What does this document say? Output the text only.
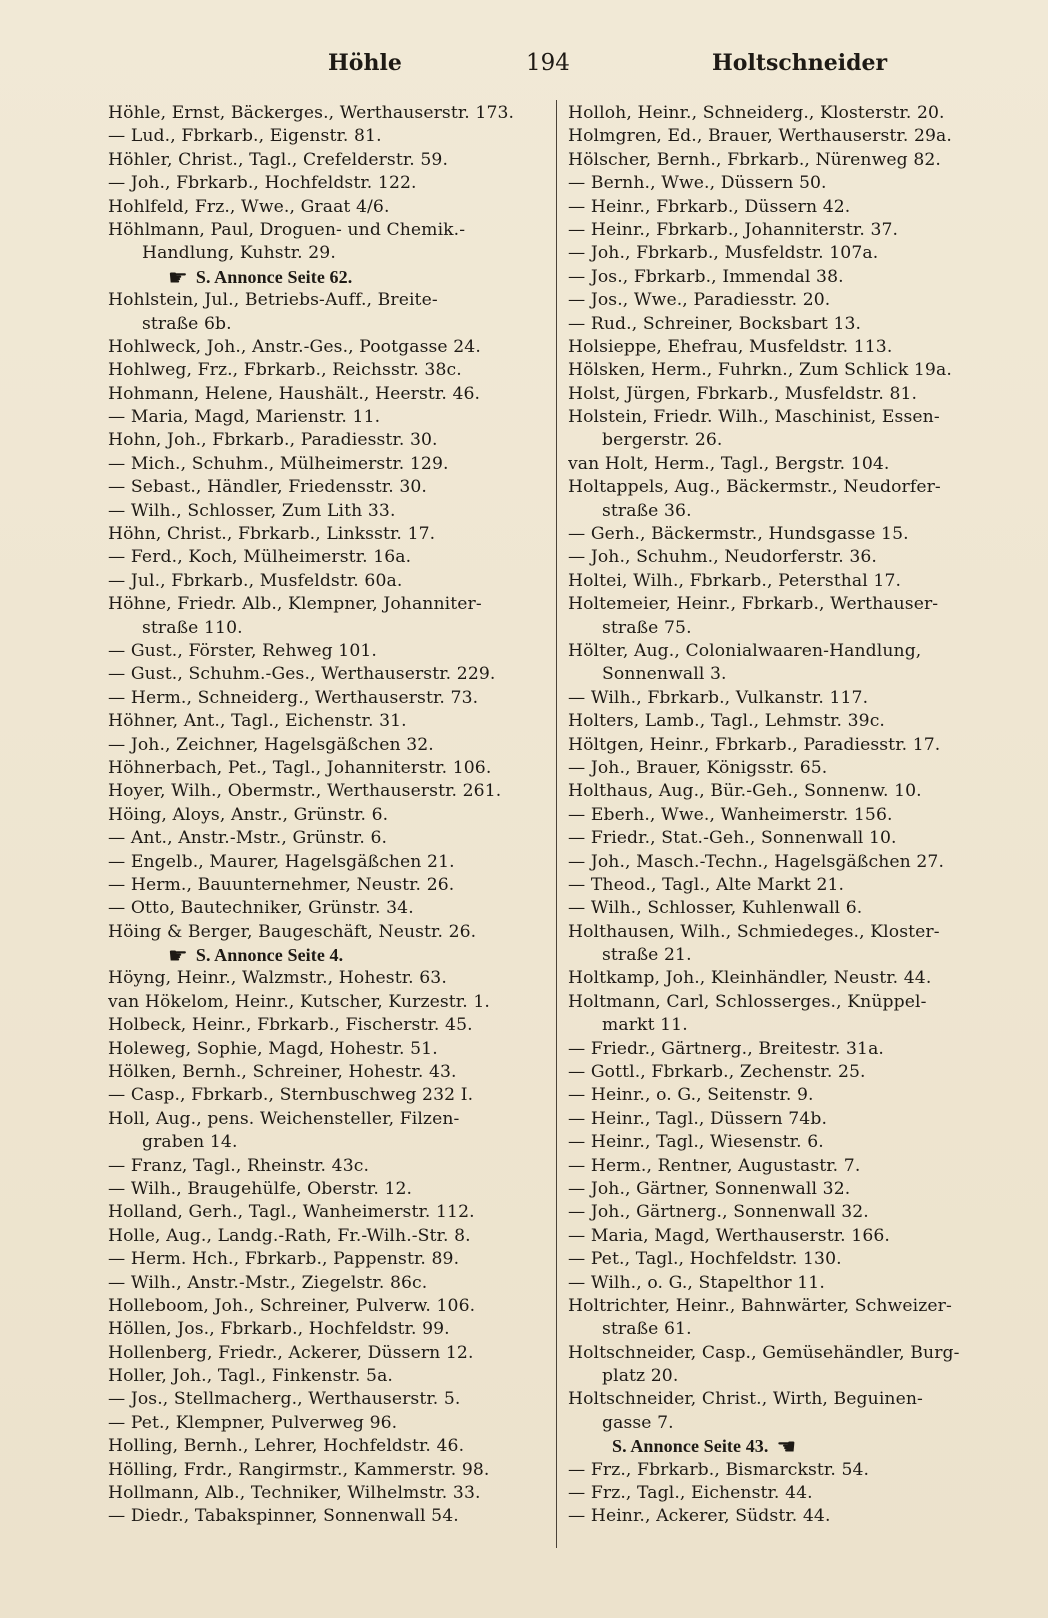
Höhle	194	Holtschneider
Höhle, Ernst, Bäckerges., Werthauserstr. 173.
— Lud., Fbrkarb., Eigenstr. 81.
Höhler, Christ., Tagl., Crefelderstr. 59.
— Joh., Fbrkarb., Hochfeldstr. 122.
Hohlfeld, Frz., Wwe., Graat 4/6.
Höhlmann, Paul, Droguen- und Chemik.-
Handlung, Kuhstr. 29.
☛ S. Annonce Seite 62.
Hohlstein, Jul., Betriebs-Auff., Breite-
straße 6b.
Hohlweck, Joh., Anstr.-Ges., Pootgasse 24.
Hohlweg, Frz., Fbrkarb., Reichsstr. 38c.
Hohmann, Helene, Haushält., Heerstr. 46.
— Maria, Magd, Marienstr. 11.
Hohn, Joh., Fbrkarb., Paradiesstr. 30.
— Mich., Schuhm., Mülheimerstr. 129.
— Sebast., Händler, Friedensstr. 30.
— Wilh., Schlosser, Zum Lith 33.
Höhn, Christ., Fbrkarb., Linksstr. 17.
— Ferd., Koch, Mülheimerstr. 16a.
— Jul., Fbrkarb., Musfeldstr. 60a.
Höhne, Friedr. Alb., Klempner, Johanniter-
straße 110.
— Gust., Förster, Rehweg 101.
— Gust., Schuhm.-Ges., Werthauserstr. 229.
— Herm., Schneiderg., Werthauserstr. 73.
Höhner, Ant., Tagl., Eichenstr. 31.
— Joh., Zeichner, Hagelsgäßchen 32.
Höhnerbach, Pet., Tagl., Johanniterstr. 106.
Hoyer, Wilh., Obermstr., Werthauserstr. 261.
Höing, Aloys, Anstr., Grünstr. 6.
— Ant., Anstr.-Mstr., Grünstr. 6.
— Engelb., Maurer, Hagelsgäßchen 21.
— Herm., Bauunternehmer, Neustr. 26.
— Otto, Bautechniker, Grünstr. 34.
Höing & Berger, Baugeschäft, Neustr. 26.
☛ S. Annonce Seite 4.
Höyng, Heinr., Walzmstr., Hohestr. 63.
van Hökelom, Heinr., Kutscher, Kurzestr. 1.
Holbeck, Heinr., Fbrkarb., Fischerstr. 45.
Holeweg, Sophie, Magd, Hohestr. 51.
Hölken, Bernh., Schreiner, Hohestr. 43.
— Casp., Fbrkarb., Sternbuschweg 232 I.
Holl, Aug., pens. Weichensteller, Filzen-
graben 14.
— Franz, Tagl., Rheinstr. 43c.
— Wilh., Braugehülfe, Oberstr. 12.
Holland, Gerh., Tagl., Wanheimerstr. 112.
Holle, Aug., Landg.-Rath, Fr.-Wilh.-Str. 8.
— Herm. Hch., Fbrkarb., Pappenstr. 89.
— Wilh., Anstr.-Mstr., Ziegelstr. 86c.
Holleboom, Joh., Schreiner, Pulverw. 106.
Höllen, Jos., Fbrkarb., Hochfeldstr. 99.
Hollenberg, Friedr., Ackerer, Düssern 12.
Holler, Joh., Tagl., Finkenstr. 5a.
— Jos., Stellmacherg., Werthauserstr. 5.
— Pet., Klempner, Pulverweg 96.
Holling, Bernh., Lehrer, Hochfeldstr. 46.
Hölling, Frdr., Rangirmstr., Kammerstr. 98.
Hollmann, Alb., Techniker, Wilhelmstr. 33.
— Diedr., Tabakspinner, Sonnenwall 54.
Holloh, Heinr., Schneiderg., Klosterstr. 20.
Holmgren, Ed., Brauer, Werthauserstr. 29a.
Hölscher, Bernh., Fbrkarb., Nürenweg 82.
— Bernh., Wwe., Düssern 50.
— Heinr., Fbrkarb., Düssern 42.
— Heinr., Fbrkarb., Johanniterstr. 37.
— Joh., Fbrkarb., Musfeldstr. 107a.
— Jos., Fbrkarb., Immendal 38.
— Jos., Wwe., Paradiesstr. 20.
— Rud., Schreiner, Bocksbart 13.
Holsieppe, Ehefrau, Musfeldstr. 113.
Hölsken, Herm., Fuhrkn., Zum Schlick 19a.
Holst, Jürgen, Fbrkarb., Musfeldstr. 81.
Holstein, Friedr. Wilh., Maschinist, Essen-
bergerstr. 26.
van Holt, Herm., Tagl., Bergstr. 104.
Holtappels, Aug., Bäckermstr., Neudorfer-
straße 36.
— Gerh., Bäckermstr., Hundsgasse 15.
— Joh., Schuhm., Neudorferstr. 36.
Holtei, Wilh., Fbrkarb., Petersthal 17.
Holtemeier, Heinr., Fbrkarb., Werthauser-
straße 75.
Hölter, Aug., Colonialwaaren-Handlung,
Sonnenwall 3.
— Wilh., Fbrkarb., Vulkanstr. 117.
Holters, Lamb., Tagl., Lehmstr. 39c.
Höltgen, Heinr., Fbrkarb., Paradiesstr. 17.
— Joh., Brauer, Königsstr. 65.
Holthaus, Aug., Bür.-Geh., Sonnenw. 10.
— Eberh., Wwe., Wanheimerstr. 156.
— Friedr., Stat.-Geh., Sonnenwall 10.
— Joh., Masch.-Techn., Hagelsgäßchen 27.
— Theod., Tagl., Alte Markt 21.
— Wilh., Schlosser, Kuhlenwall 6.
Holthausen, Wilh., Schmiedeges., Kloster-
straße 21.
Holtkamp, Joh., Kleinhändler, Neustr. 44.
Holtmann, Carl, Schlosserges., Knüppel-
markt 11.
— Friedr., Gärtnerg., Breitestr. 31a.
— Gottl., Fbrkarb., Zechenstr. 25.
— Heinr., o. G., Seitenstr. 9.
— Heinr., Tagl., Düssern 74b.
— Heinr., Tagl., Wiesenstr. 6.
— Herm., Rentner, Augustastr. 7.
— Joh., Gärtner, Sonnenwall 32.
— Joh., Gärtnerg., Sonnenwall 32.
— Maria, Magd, Werthauserstr. 166.
— Pet., Tagl., Hochfeldstr. 130.
— Wilh., o. G., Stapelthor 11.
Holtrichter, Heinr., Bahnwärter, Schweizer-
straße 61.
Holtschneider, Casp., Gemüsehändler, Burg-
platz 20.
Holtschneider, Christ., Wirth, Beguinen-
gasse 7.
S. Annonce Seite 43. ☚
— Frz., Fbrkarb., Bismarckstr. 54.
— Frz., Tagl., Eichenstr. 44.
— Heinr., Ackerer, Südstr. 44.
